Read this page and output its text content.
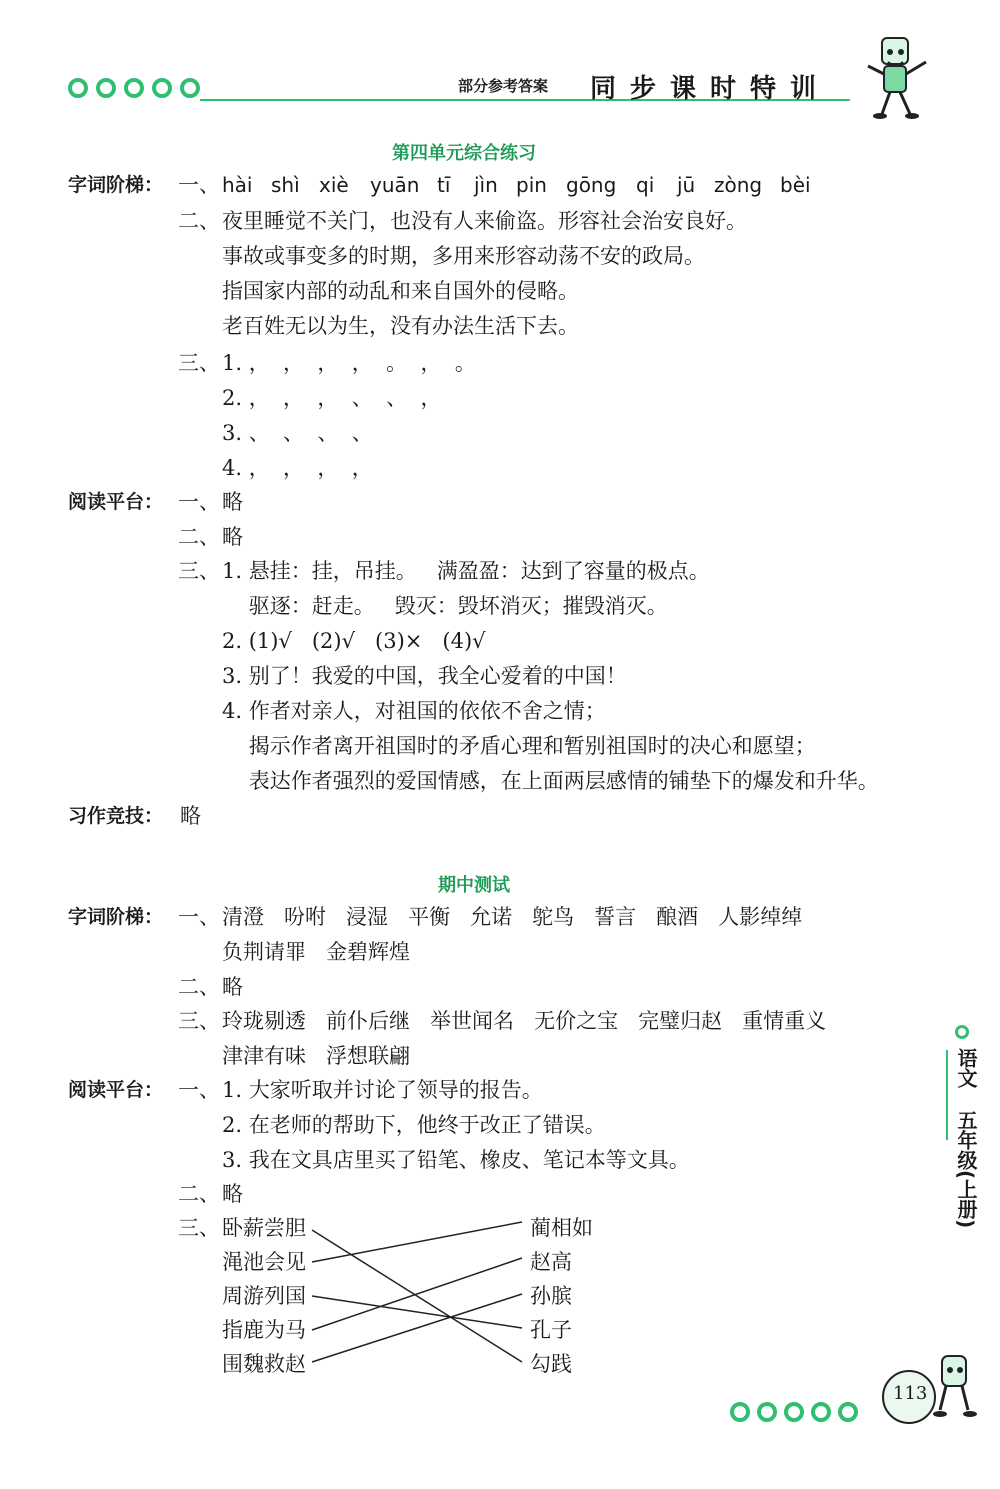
部分参考答案 同步课时特训
第四单元综合练习
字词阶梯： 一、 hài shì xiè yuān tī jìn pin gōng qi jū zòng bèi
二、 夜里睡觉不关门，也没有人来偷盗。形容社会治安良好。
事故或事变多的时期，多用来形容动荡不安的政局。
指国家内部的动乱和来自国外的侵略。
老百姓无以为生，没有办法生活下去。
三、 1. ，  ，  ，  ，  。  ，  。
2. ，  ，  ，  、  、  ，
3. 、  、  、  、
4. ，  ，  ，  ，
阅读平台： 一、 略
二、 略
三、 1. 悬挂：挂，吊挂。   满盈盈：达到了容量的极点。
驱逐：赶走。   毁灭：毁坏消灭；摧毁消灭。
2. (1)√   (2)√   (3)×   (4)√
3. 别了！我爱的中国，我全心爱着的中国！
4. 作者对亲人，对祖国的依依不舍之情；
揭示作者离开祖国时的矛盾心理和暂别祖国时的决心和愿望；
表达作者强烈的爱国情感，在上面两层感情的铺垫下的爆发和升华。
习作竞技： 略
期中测试
字词阶梯： 一、 清澄   吩咐   浸湿   平衡   允诺   鸵鸟   誓言   酿酒   人影绰绰
负荆请罪   金碧辉煌
二、 略
三、 玲珑剔透   前仆后继   举世闻名   无价之宝   完璧归赵   重情重义
津津有味   浮想联翩
阅读平台： 一、 1. 大家听取并讨论了领导的报告。
2. 在老师的帮助下，他终于改正了错误。
3. 我在文具店里买了铅笔、橡皮、笔记本等文具。
二、 略
三、 卧薪尝胆
渑池会见
周游列国
指鹿为马
围魏救赵
蔺相如
赵高
孙膑
孔子
勾践
语文
五年级(上册)
113
